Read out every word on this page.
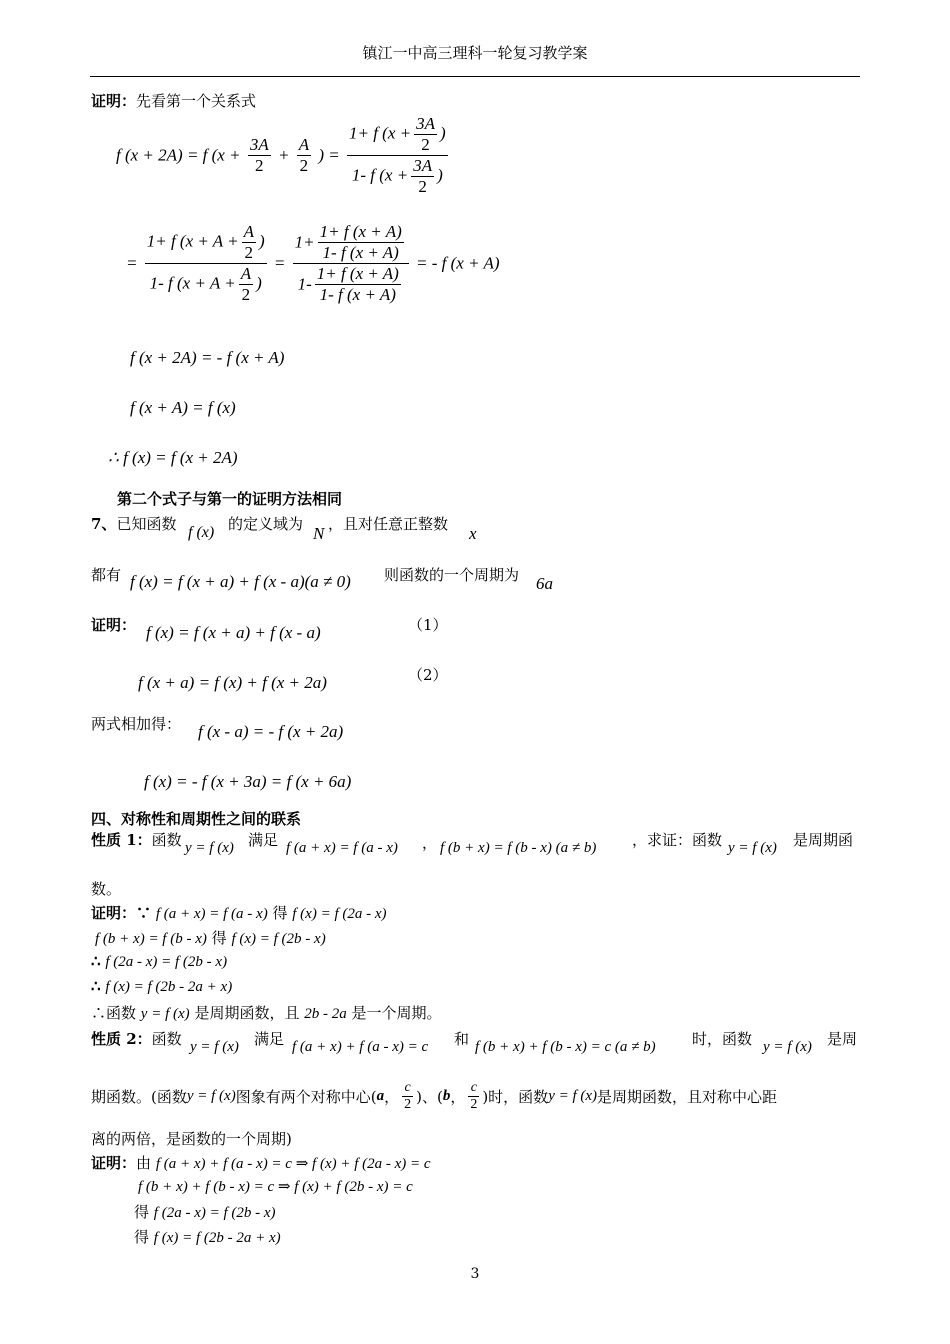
镇江一中高三理科一轮复习教学案
证明：先看第一个关系式
f (x + 2A) = f ($x + \frac{3A}{2} + \frac{A}{2}$ ) = $\frac{1+ f (x + \frac{3A}{2} )}{1- f (x + \frac{3A}{2} )}$
= $\frac{1+ f (x + A + \frac{A}{2} )}{1- f (x + A + \frac{A}{2} )} = \frac{1+ \frac{1+ f (x + A)}{1- f (x + A)}}{1- \frac{1+ f (x + A)}{1- f (x + A)}}$ = - f (x + A)
f (x + 2A) = - f (x + A)
f (x + A) = f (x)
∴ f (x) = f (x + 2A)
第二个式子与第一的证明方法相同
7、已知函数 f (x) 的定义域为 N ，且对任意正整数 x
都有 f (x) = f (x + a) + f (x - a)(a ≠ 0) 则函数的一个周期为 6a
证明： f (x) = f (x + a) + f (x - a)	（1）
f (x + a) = f (x) + f (x + 2a)	（2）
两式相加得： f (x - a) = - f (x + 2a)
f (x) = - f (x + 3a) = f (x + 6a)
四、对称性和周期性之间的联系
性质 1：函数 y = f (x) 满足 f (a + x) = f (a - x) ， f (b + x) = f (b - x) (a ≠ b) ，求证：函数 y = f (x) 是周期函
数。
证明：∵ f (a + x) = f (a - x) 得 f (x) = f (2a - x)
f (b + x) = f (b - x) 得 f (x) = f (2b - x)
∴ f (2a - x) = f (2b - x)
∴ f (x) = f (2b - 2a + x)
∴函数 y = f (x) 是周期函数，且 2b - 2a 是一个周期。
性质 2：函数 y = f (x) 满足 f (a + x) + f (a - x) = c 和 f (b + x) + f (b - x) = c (a ≠ b) 时，函数 y = f (x) 是周
期函数。(函数y = f (x)图象有两个对称中心(a， $\frac{c}{2}$ )、(b， $\frac{c}{2}$ )时，函数y = f (x)是周期函数，且对称中心距
离的两倍，是函数的一个周期)
证明：由 f (a + x) + f (a - x) = c ⇒ f (x) + f (2a - x) = c
f (b + x) + f (b - x) = c ⇒ f (x) + f (2b - x) = c
得 f (2a - x) = f (2b - x)
得 f (x) = f (2b - 2a + x)
3
